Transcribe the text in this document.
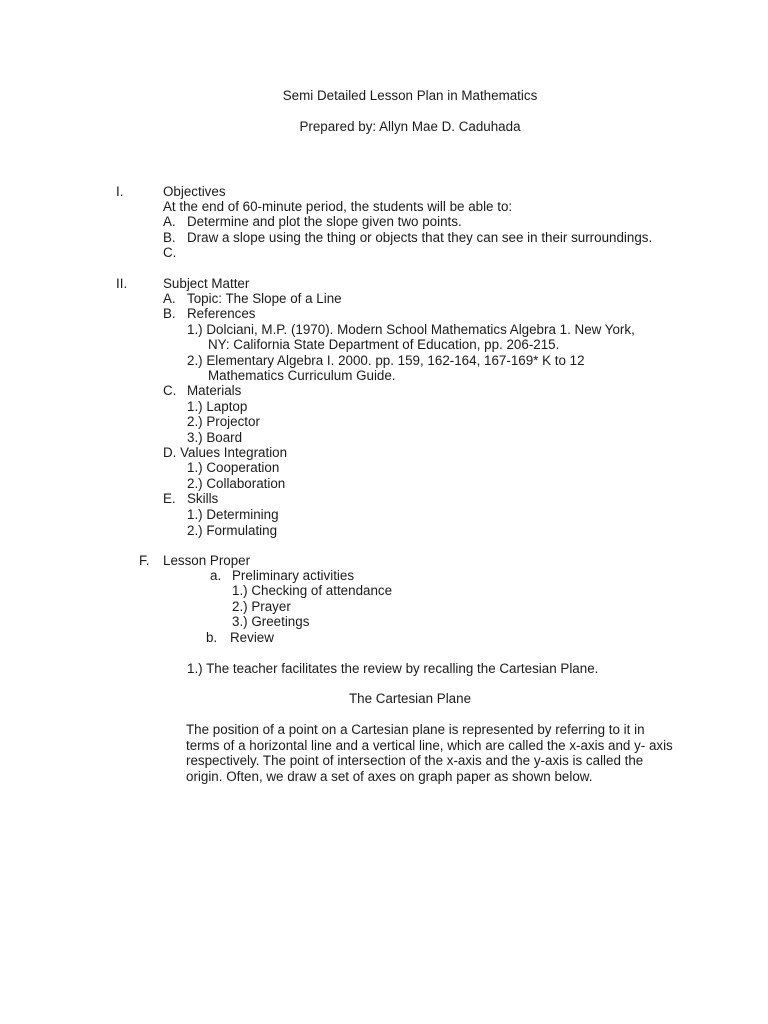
Semi Detailed Lesson Plan in Mathematics
Prepared by: Allyn Mae D. Caduhada
I.	Objectives
At the end of 60-minute period, the students will be able to:
A. Determine and plot the slope given two points.
B. Draw a slope using the thing or objects that they can see in their surroundings.
C.
II.	Subject Matter
A. Topic: The Slope of a Line
B. References
1.) Dolciani, M.P. (1970). Modern School Mathematics Algebra 1. New York,
NY: California State Department of Education, pp. 206-215.
2.) Elementary Algebra I. 2000. pp. 159, 162-164, 167-169* K to 12
Mathematics Curriculum Guide.
C. Materials
1.) Laptop
2.) Projector
3.) Board
D. Values Integration
1.) Cooperation
2.) Collaboration
E. Skills
1.) Determining
2.) Formulating
F. Lesson Proper
a. Preliminary activities
1.) Checking of attendance
2.) Prayer
3.) Greetings
b. Review
1.) The teacher facilitates the review by recalling the Cartesian Plane.
The Cartesian Plane
The position of a point on a Cartesian plane is represented by referring to it in terms of a horizontal line and a vertical line, which are called the x-axis and y- axis respectively. The point of intersection of the x-axis and the y-axis is called the origin. Often, we draw a set of axes on graph paper as shown below.
